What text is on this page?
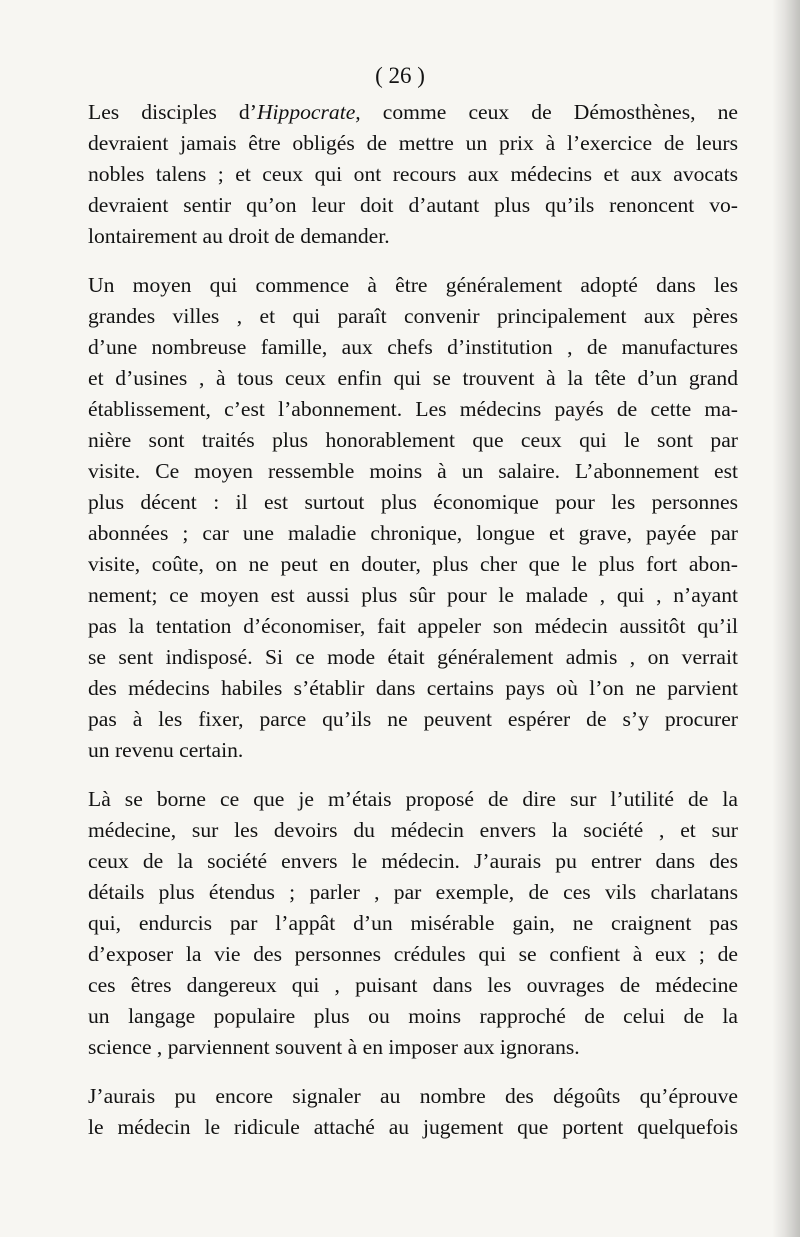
( 26 )
Les disciples d’Hippocrate, comme ceux de Démosthènes, ne
devraient jamais être obligés de mettre un prix à l’exercice de leurs
nobles talens ; et ceux qui ont recours aux médecins et aux avocats
devraient sentir qu’on leur doit d’autant plus qu’ils renoncent vo-
lontairement au droit de demander.
Un moyen qui commence à être généralement adopté dans les
grandes villes , et qui paraît convenir principalement aux pères
d’une nombreuse famille, aux chefs d’institution , de manufactures
et d’usines , à tous ceux enfin qui se trouvent à la tête d’un grand
établissement, c’est l’abonnement. Les médecins payés de cette ma-
nière sont traités plus honorablement que ceux qui le sont par
visite. Ce moyen ressemble moins à un salaire. L’abonnement est
plus décent : il est surtout plus économique pour les personnes
abonnées ; car une maladie chronique, longue et grave, payée par
visite, coûte, on ne peut en douter, plus cher que le plus fort abon-
nement; ce moyen est aussi plus sûr pour le malade , qui , n’ayant
pas la tentation d’économiser, fait appeler son médecin aussitôt qu’il
se sent indisposé. Si ce mode était généralement admis , on verrait
des médecins habiles s’établir dans certains pays où l’on ne parvient
pas à les fixer, parce qu’ils ne peuvent espérer de s’y procurer
un revenu certain.
Là se borne ce que je m’étais proposé de dire sur l’utilité de la
médecine, sur les devoirs du médecin envers la société , et sur
ceux de la société envers le médecin. J’aurais pu entrer dans des
détails plus étendus ; parler , par exemple, de ces vils charlatans
qui, endurcis par l’appât d’un misérable gain, ne craignent pas
d’exposer la vie des personnes crédules qui se confient à eux ; de
ces êtres dangereux qui , puisant dans les ouvrages de médecine
un langage populaire plus ou moins rapproché de celui de la
science , parviennent souvent à en imposer aux ignorans.
J’aurais pu encore signaler au nombre des dégoûts qu’éprouve
le médecin le ridicule attaché au jugement que portent quelquefois
